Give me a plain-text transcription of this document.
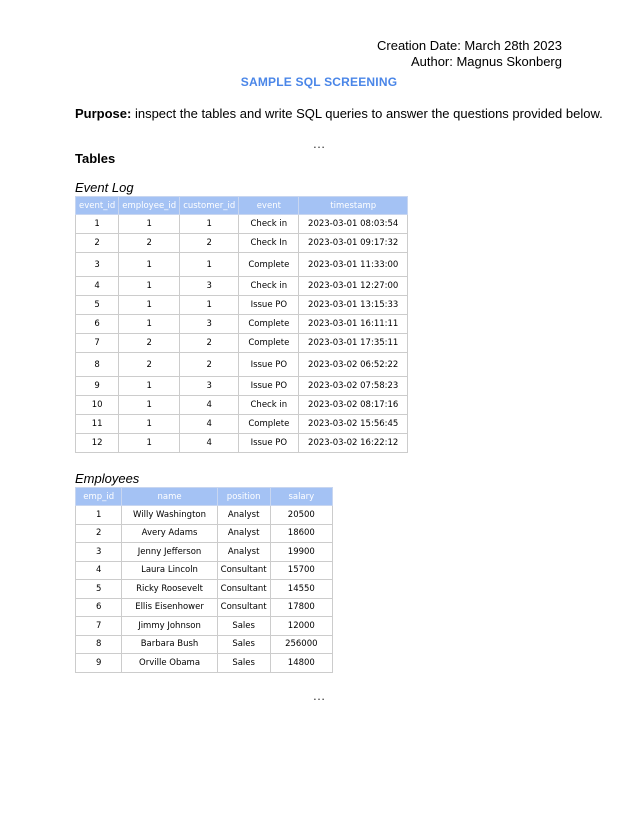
Creation Date: March 28th 2023
Author: Magnus Skonberg
SAMPLE SQL SCREENING
Purpose: inspect the tables and write SQL queries to answer the questions provided below.
…
Tables
Event Log
event_id	employee_id	customer_id	event	timestamp
1	1	1	Check in	2023-03-01 08:03:54
2	2	2	Check In	2023-03-01 09:17:32
3	1	1	Complete	2023-03-01 11:33:00
4	1	3	Check in	2023-03-01 12:27:00
5	1	1	Issue PO	2023-03-01 13:15:33
6	1	3	Complete	2023-03-01 16:11:11
7	2	2	Complete	2023-03-01 17:35:11
8	2	2	Issue PO	2023-03-02 06:52:22
9	1	3	Issue PO	2023-03-02 07:58:23
10	1	4	Check in	2023-03-02 08:17:16
11	1	4	Complete	2023-03-02 15:56:45
12	1	4	Issue PO	2023-03-02 16:22:12
Employees
emp_id	name	position	salary
1	Willy Washington	Analyst	20500
2	Avery Adams	Analyst	18600
3	Jenny Jefferson	Analyst	19900
4	Laura Lincoln	Consultant	15700
5	Ricky Roosevelt	Consultant	14550
6	Ellis Eisenhower	Consultant	17800
7	Jimmy Johnson	Sales	12000
8	Barbara Bush	Sales	256000
9	Orville Obama	Sales	14800
…
